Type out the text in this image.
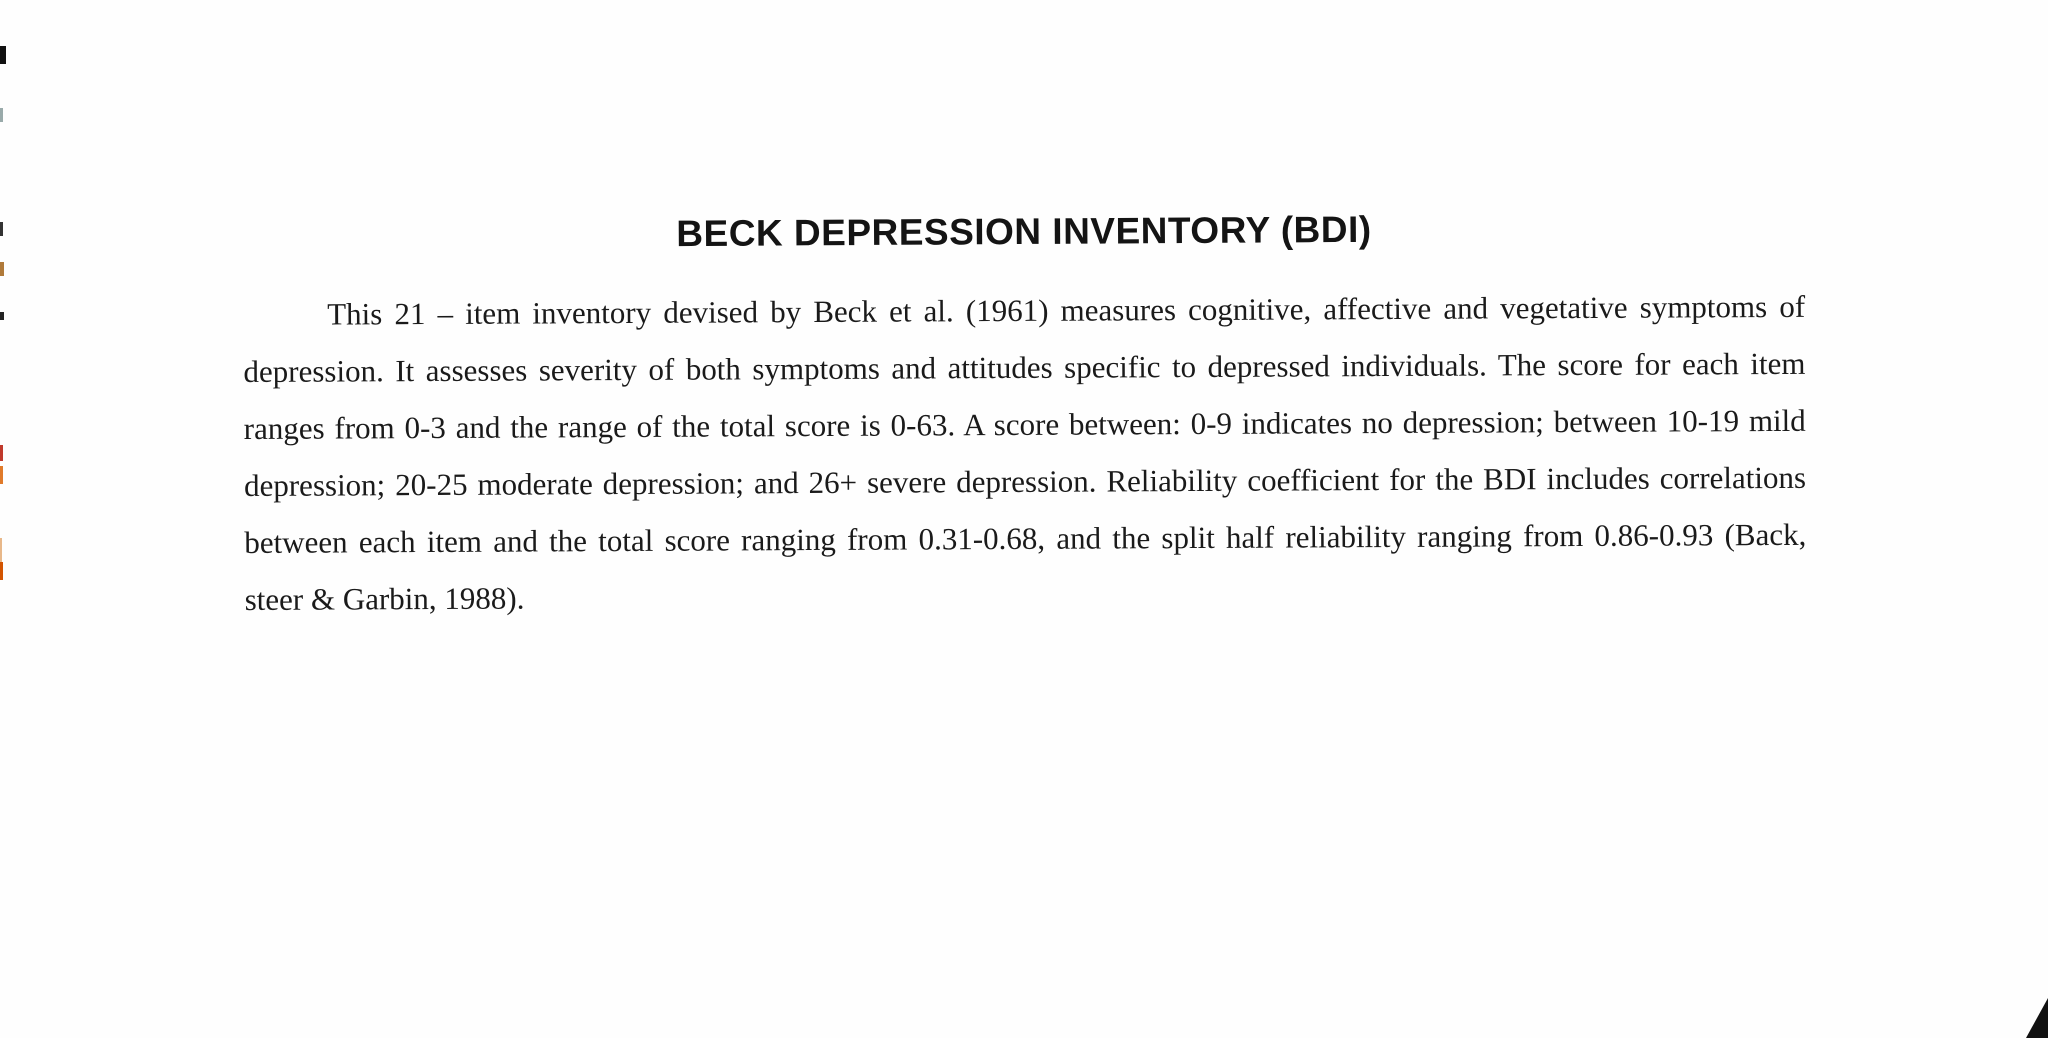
BECK DEPRESSION INVENTORY (BDI)

This 21 – item inventory devised by Beck et al. (1961) measures cognitive, affective and vegetative symptoms of depression. It assesses severity of both symptoms and attitudes specific to depressed individuals. The score for each item ranges from 0-3 and the range of the total score is 0-63. A score between: 0-9 indicates no depression; between 10-19 mild depression; 20-25 moderate depression; and 26+ severe depression. Reliability coefficient for the BDI includes correlations between each item and the total score ranging from 0.31-0.68, and the split half reliability ranging from 0.86-0.93 (Back, steer & Garbin, 1988).
